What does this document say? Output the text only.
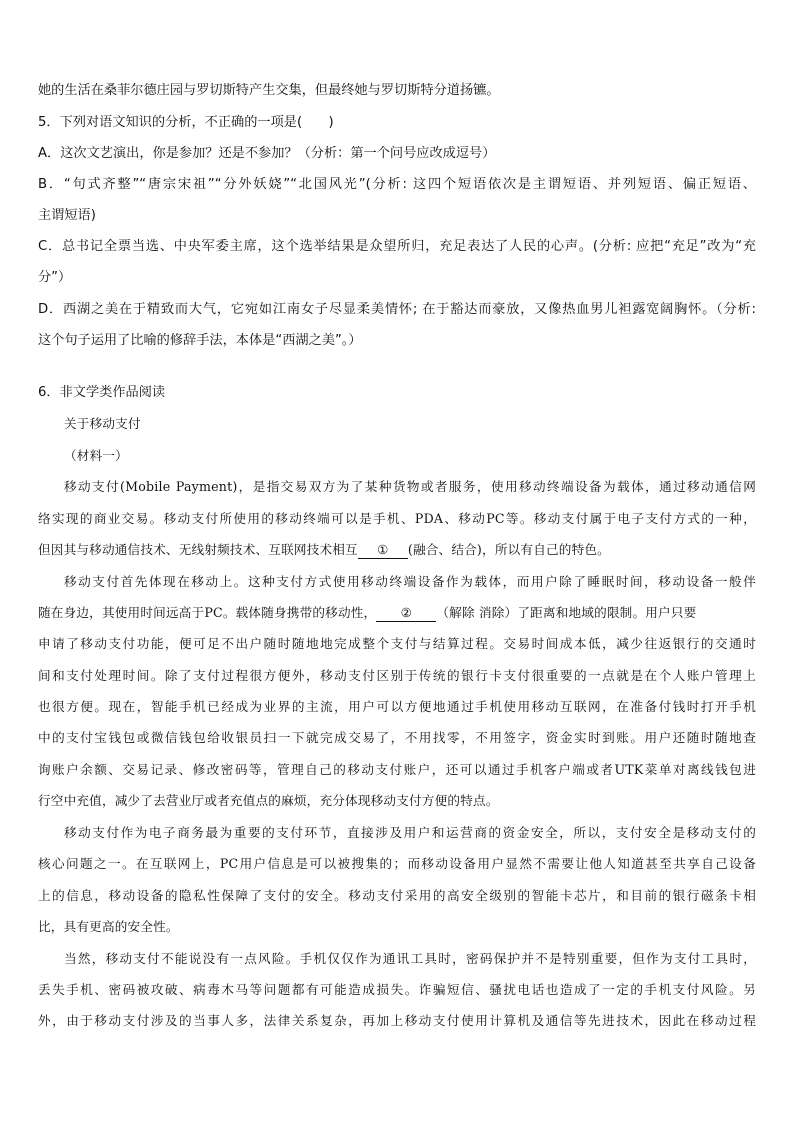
她的生活在桑菲尔德庄园与罗切斯特产生交集，但最终她与罗切斯特分道扬镳。
5．下列对语文知识的分析，不正确的一项是(　　)
A．这次文艺演出，你是参加？还是不参加？（分析：第一个问号应改成逗号）
B．“句式齐整”“唐宗宋祖”“分外妖娆”“北国风光”(分析: 这四个短语依次是主谓短语、并列短语、偏正短语、
主谓短语)
C．总书记全票当选、中央军委主席，这个选举结果是众望所归，充足表达了人民的心声。(分析: 应把“充足”改为“充
分”）
D．西湖之美在于精致而大气，它宛如江南女子尽显柔美情怀; 在于豁达而豪放，又像热血男儿袒露宽阔胸怀。（分析:
这个句子运用了比喻的修辞手法，本体是“西湖之美”。）
6．非文学类作品阅读
关于移动支付
（材料一）
移动支付(Mobile Payment)，是指交易双方为了某种货物或者服务，使用移动终端设备为载体，通过移动通信网
络实现的商业交易。移动支付所使用的移动终端可以是手机、PDA、移动PC等。移动支付属于电子支付方式的一种，
但因其与移动通信技术、无线射频技术、互联网技术相互 ① (融合、结合)，所以有自己的特色。
移动支付首先体现在移动上。这种支付方式使用移动终端设备作为载体，而用户除了睡眠时间，移动设备一般伴
随在身边，其使用时间远高于PC。载体随身携带的移动性， ② （解除 消除）了距离和地域的限制。用户只要
申请了移动支付功能，便可足不出户随时随地地完成整个支付与结算过程。交易时间成本低，减少往返银行的交通时
间和支付处理时间。除了支付过程很方便外，移动支付区别于传统的银行卡支付很重要的一点就是在个人账户管理上
也很方便。现在，智能手机已经成为业界的主流，用户可以方便地通过手机使用移动互联网，在准备付钱时打开手机
中的支付宝钱包或微信钱包给收银员扫一下就完成交易了，不用找零，不用签字，资金实时到账。用户还随时随地查
询账户余额、交易记录、修改密码等，管理自己的移动支付账户，还可以通过手机客户端或者UTK菜单对离线钱包进
行空中充值，减少了去营业厅或者充值点的麻烦，充分体现移动支付方便的特点。
移动支付作为电子商务最为重要的支付环节，直接涉及用户和运营商的资金安全，所以，支付安全是移动支付的
核心问题之一。在互联网上，PC用户信息是可以被搜集的；而移动设备用户显然不需要让他人知道甚至共享自己设备
上的信息，移动设备的隐私性保障了支付的安全。移动支付采用的高安全级别的智能卡芯片，和目前的银行磁条卡相
比，具有更高的安全性。
当然，移动支付不能说没有一点风险。手机仅仅作为通讯工具时，密码保护并不是特别重要，但作为支付工具时，
丢失手机、密码被攻破、病毒木马等问题都有可能造成损失。诈骗短信、骚扰电话也造成了一定的手机支付风险。另
外，由于移动支付涉及的当事人多，法律关系复杂，再加上移动支付使用计算机及通信等先进技术，因此在移动过程
